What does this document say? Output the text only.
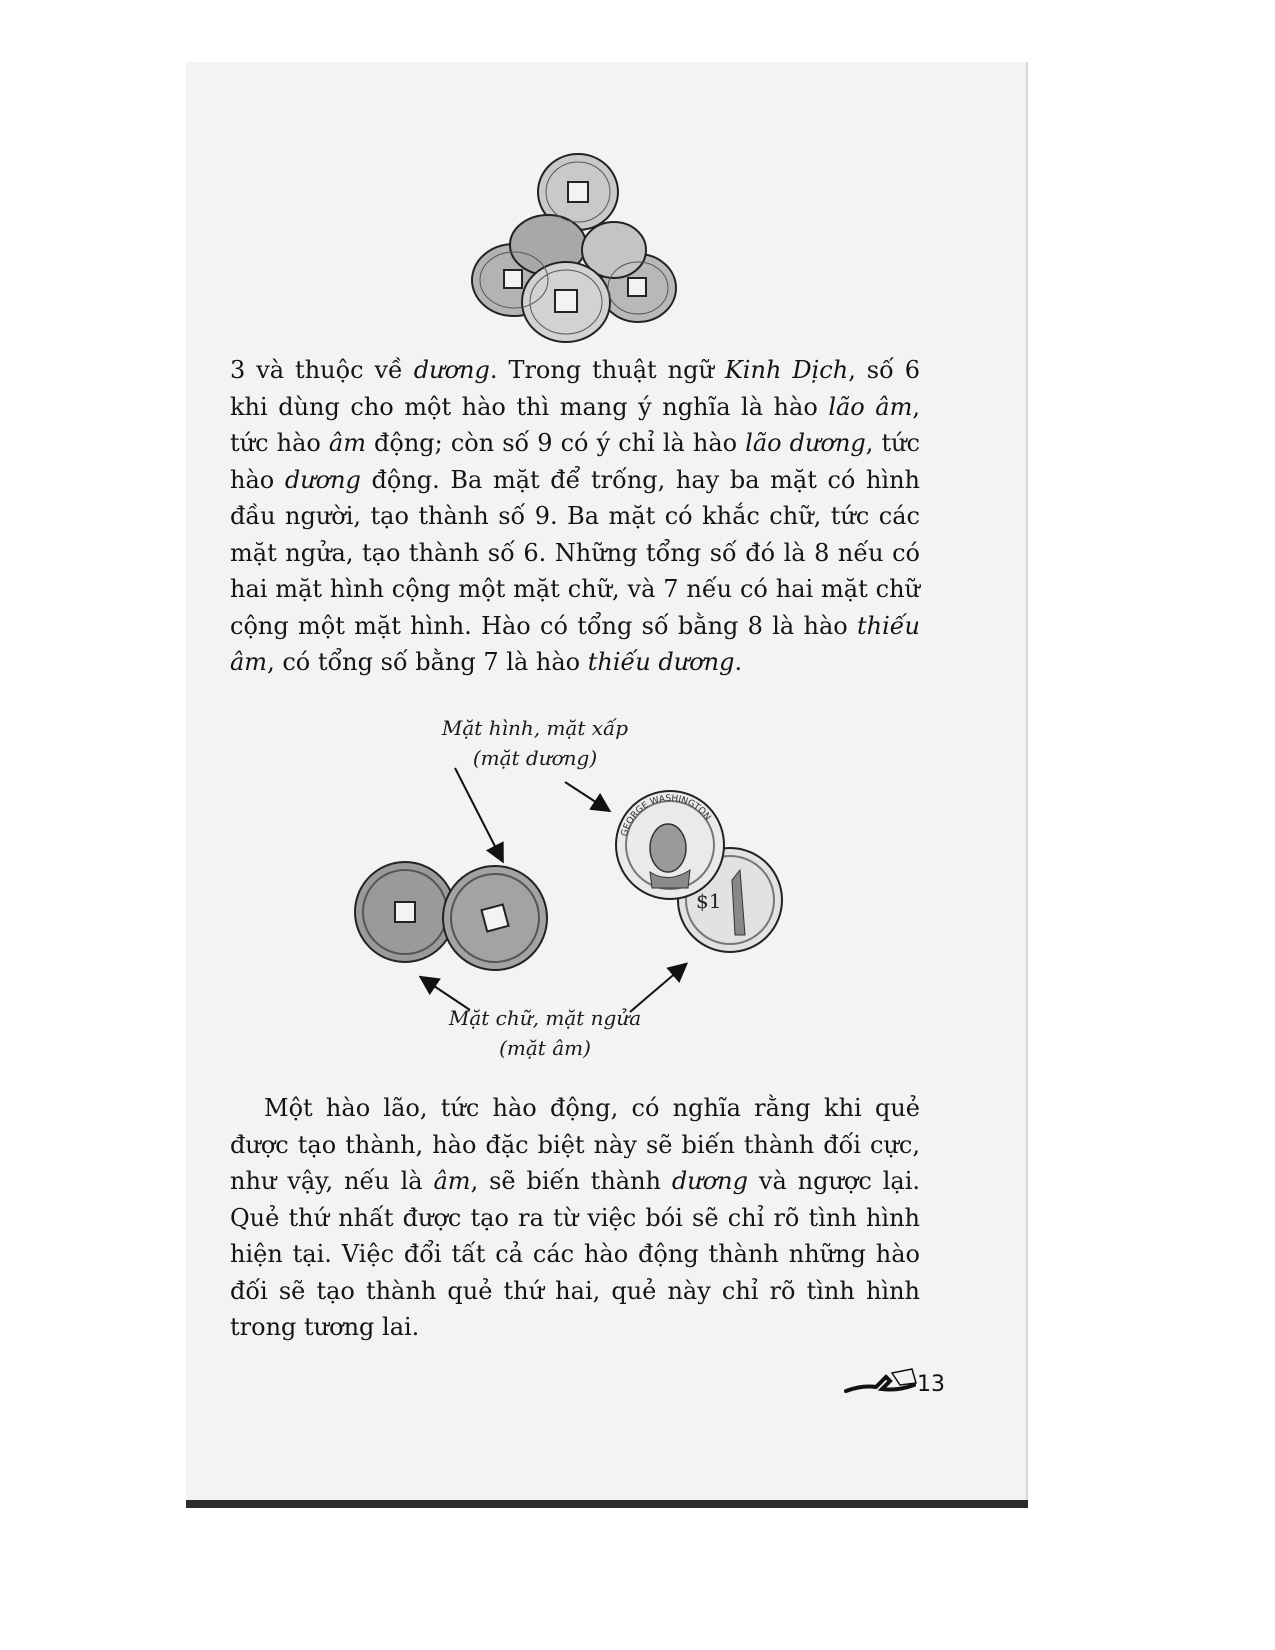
3 và thuộc về dương. Trong thuật ngữ Kinh Dịch, số 6 khi dùng cho một hào thì mang ý nghĩa là hào lão âm, tức hào âm động; còn số 9 có ý chỉ là hào lão dương, tức hào dương động. Ba mặt để trống, hay ba mặt có hình đầu người, tạo thành số 9. Ba mặt có khắc chữ, tức các mặt ngửa, tạo thành số 6. Những tổng số đó là 8 nếu có hai mặt hình cộng một mặt chữ, và 7 nếu có hai mặt chữ cộng một mặt hình. Hào có tổng số bằng 8 là hào thiếu âm, có tổng số bằng 7 là hào thiếu dương.

Mặt hình, mặt xấp
(mặt dương)

$1
GEORGE WASHINGTON

Mặt chữ, mặt ngửa
(mặt âm)

Một hào lão, tức hào động, có nghĩa rằng khi quẻ được tạo thành, hào đặc biệt này sẽ biến thành đối cực, như vậy, nếu là âm, sẽ biến thành dương và ngược lại. Quẻ thứ nhất được tạo ra từ việc bói sẽ chỉ rõ tình hình hiện tại. Việc đổi tất cả các hào động thành những hào đối sẽ tạo thành quẻ thứ hai, quẻ này chỉ rõ tình hình trong tương lai.

13
